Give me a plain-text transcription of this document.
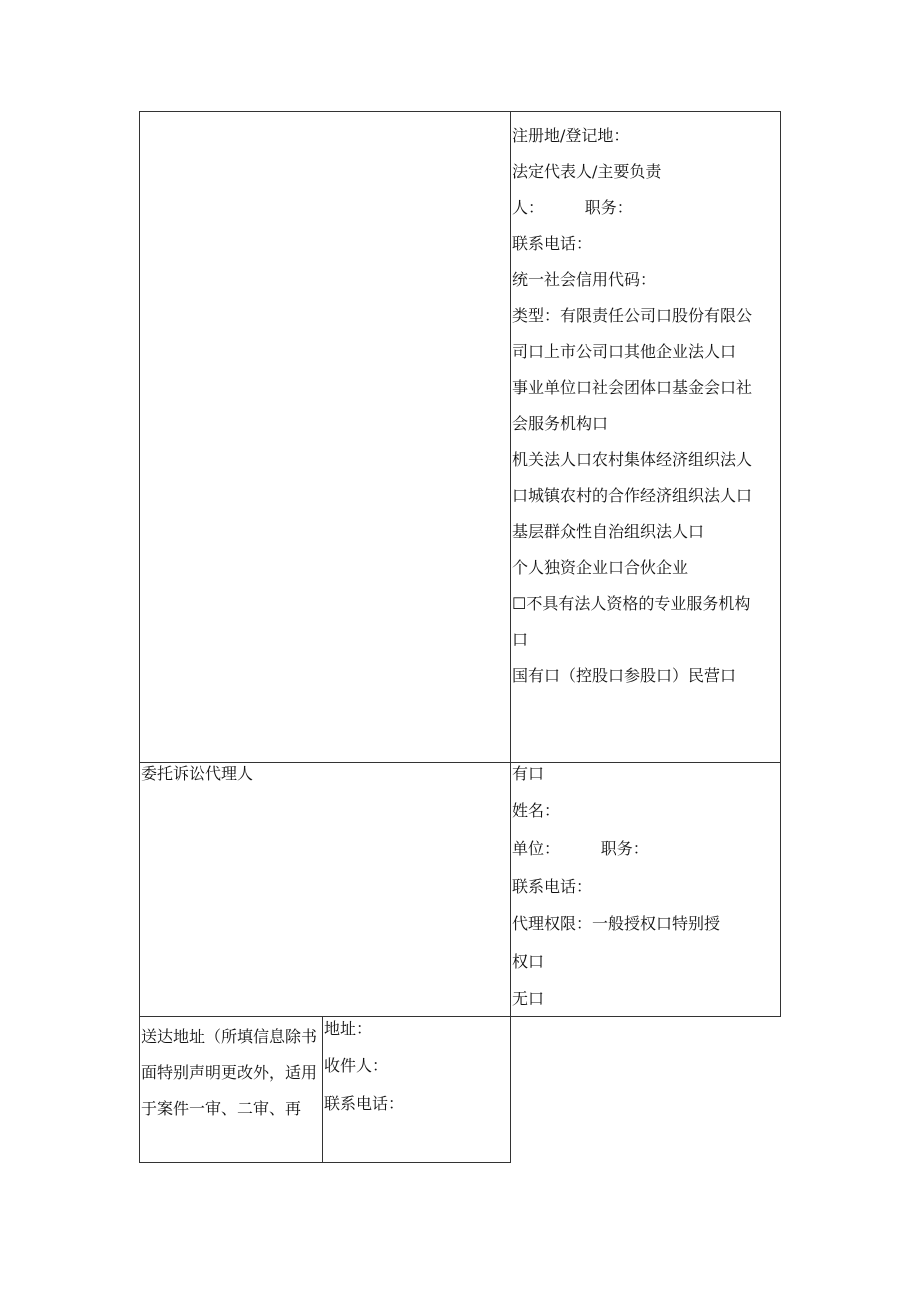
注册地/登记地：
法定代表人/主要负责
人：        职务：
联系电话：
统一社会信用代码：
类型：有限责任公司口股份有限公
司口上市公司口其他企业法人口
事业单位口社会团体口基金会口社
会服务机构口
机关法人口农村集体经济组织法人
口城镇农村的合作经济组织法人口
基层群众性自治组织法人口
个人独资企业口合伙企业
☐不具有法人资格的专业服务机构
口
国有口（控股口参股口）民营口
委托诉讼代理人	有口
姓名：
单位：        职务：
联系电话：
代理权限：一般授权口特别授
权口
无口
送达地址（所填信息除书
面特别声明更改外，适用
于案件一审、二审、再
地址：
收件人：
联系电话：
